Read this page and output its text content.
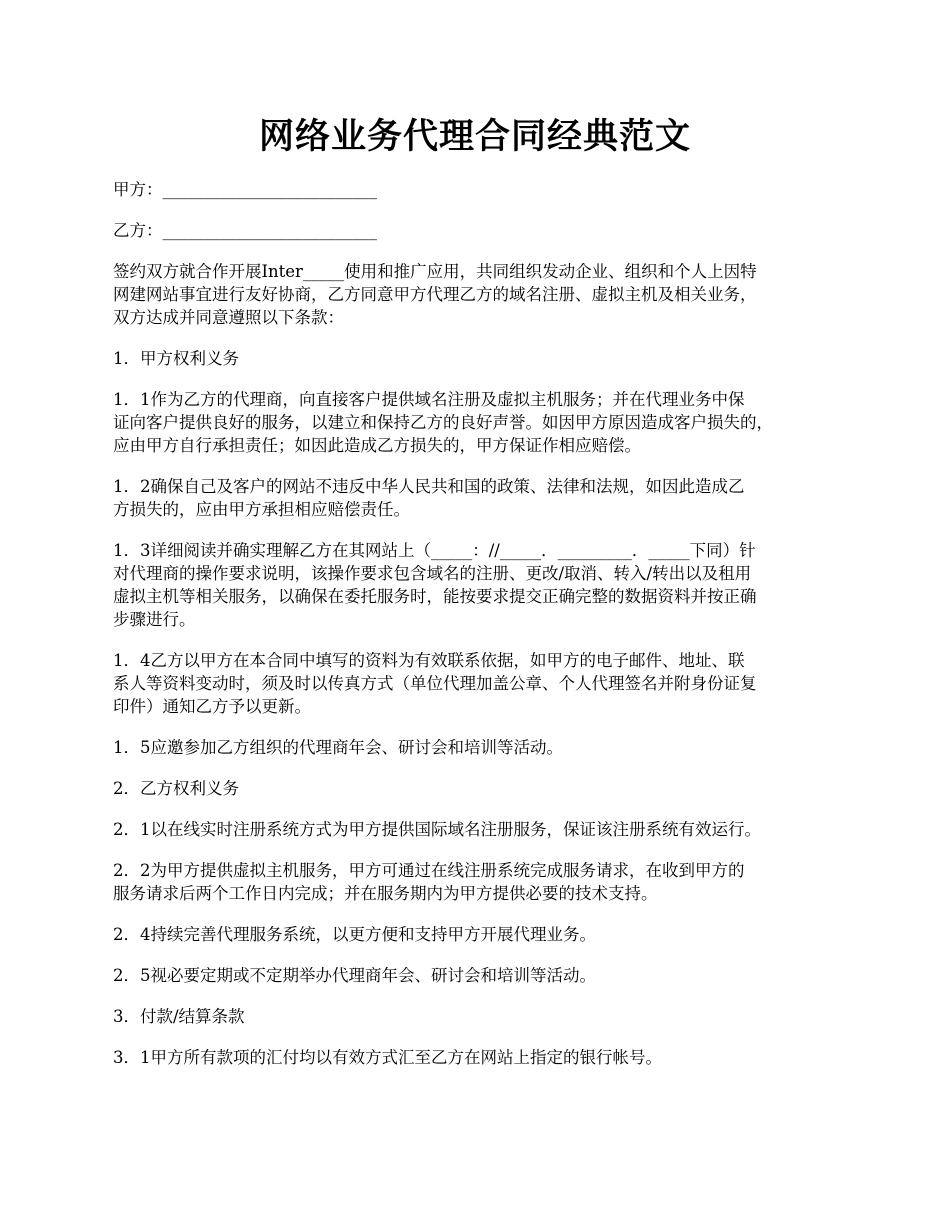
网络业务代理合同经典范文
甲方：__________________________
乙方：__________________________
签约双方就合作开展Inter_____使用和推广应用，共同组织发动企业、组织和个人上因特
网建网站事宜进行友好协商，乙方同意甲方代理乙方的域名注册、虚拟主机及相关业务，
双方达成并同意遵照以下条款：
1．甲方权利义务
1．1作为乙方的代理商，向直接客户提供域名注册及虚拟主机服务；并在代理业务中保
证向客户提供良好的服务，以建立和保持乙方的良好声誉。如因甲方原因造成客户损失的，
应由甲方自行承担责任；如因此造成乙方损失的，甲方保证作相应赔偿。
1．2确保自己及客户的网站不违反中华人民共和国的政策、法律和法规，如因此造成乙
方损失的，应由甲方承担相应赔偿责任。
1．3详细阅读并确实理解乙方在其网站上（_____：//_____．_________．_____下同）针
对代理商的操作要求说明，该操作要求包含域名的注册、更改/取消、转入/转出以及租用
虚拟主机等相关服务，以确保在委托服务时，能按要求提交正确完整的数据资料并按正确
步骤进行。
1．4乙方以甲方在本合同中填写的资料为有效联系依据，如甲方的电子邮件、地址、联
系人等资料变动时，须及时以传真方式（单位代理加盖公章、个人代理签名并附身份证复
印件）通知乙方予以更新。
1．5应邀参加乙方组织的代理商年会、研讨会和培训等活动。
2．乙方权利义务
2．1以在线实时注册系统方式为甲方提供国际域名注册服务，保证该注册系统有效运行。
2．2为甲方提供虚拟主机服务，甲方可通过在线注册系统完成服务请求，在收到甲方的
服务请求后两个工作日内完成；并在服务期内为甲方提供必要的技术支持。
2．4持续完善代理服务系统，以更方便和支持甲方开展代理业务。
2．5视必要定期或不定期举办代理商年会、研讨会和培训等活动。
3．付款/结算条款
3．1甲方所有款项的汇付均以有效方式汇至乙方在网站上指定的银行帐号。
